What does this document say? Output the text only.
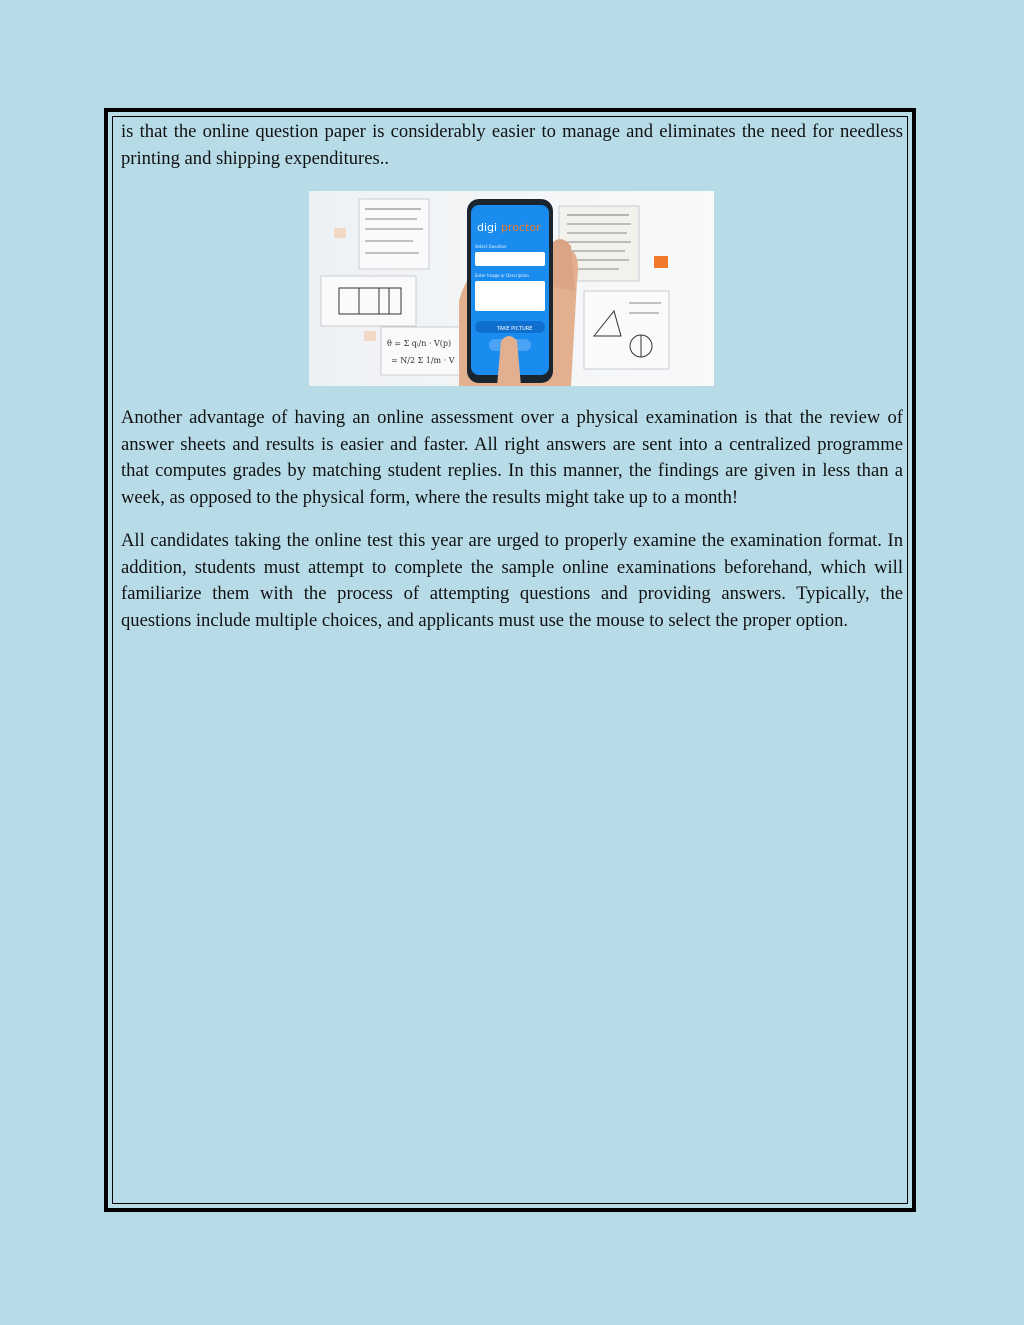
is that the online question paper is considerably easier to manage and eliminates the need for needless printing and shipping expenditures..

θ = Σ qᵢ/n · V(p)
= N/2 Σ 1/m · V
digi proctor
Select Question
Enter Image or Description
TAKE PICTURE

Another advantage of having an online assessment over a physical examination is that the review of answer sheets and results is easier and faster. All right answers are sent into a centralized programme that computes grades by matching student replies. In this manner, the findings are given in less than a week, as opposed to the physical form, where the results might take up to a month!

All candidates taking the online test this year are urged to properly examine the examination format. In addition, students must attempt to complete the sample online examinations beforehand, which will familiarize them with the process of attempting questions and providing answers. Typically, the questions include multiple choices, and applicants must use the mouse to select the proper option.
